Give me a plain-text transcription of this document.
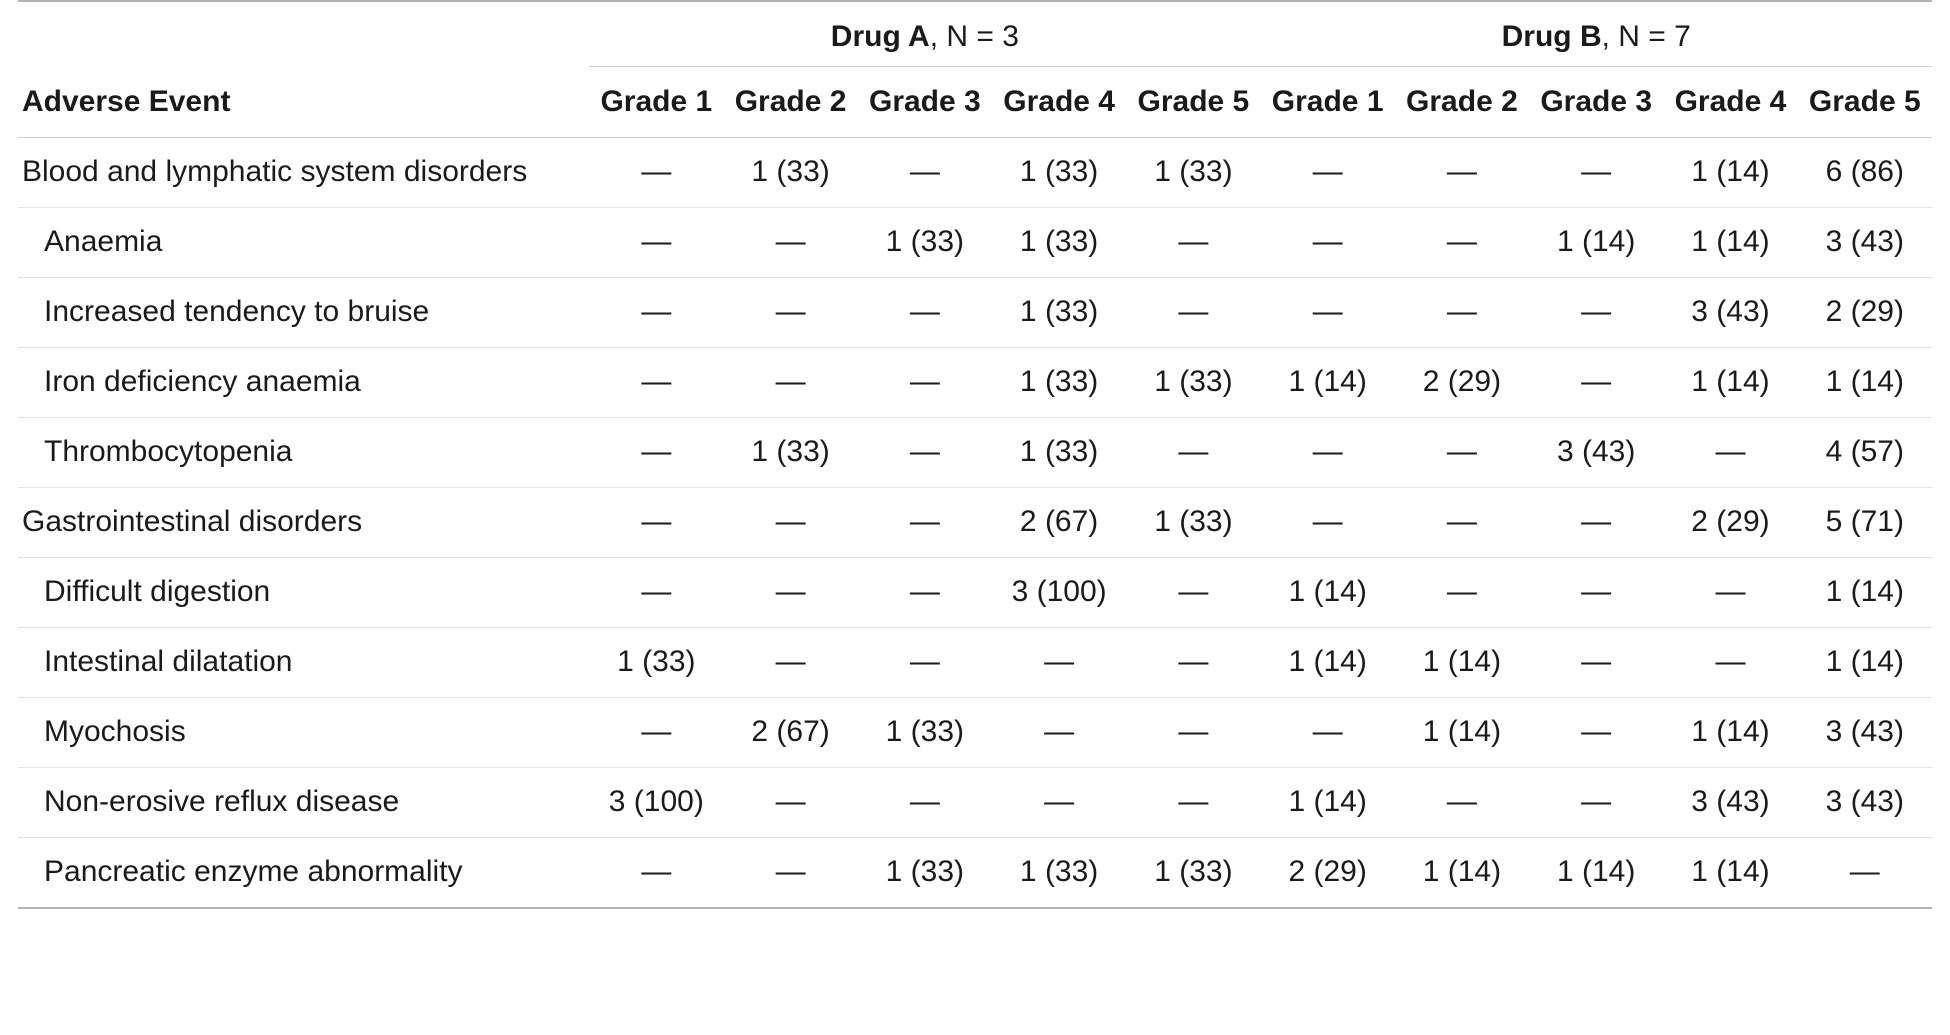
	Drug A, N = 3					Drug B, N = 7				
Adverse Event	Grade 1	Grade 2	Grade 3	Grade 4	Grade 5	Grade 1	Grade 2	Grade 3	Grade 4	Grade 5
Blood and lymphatic system disorders	—	1 (33)	—	1 (33)	1 (33)	—	—	—	1 (14)	6 (86)
Anaemia	—	—	1 (33)	1 (33)	—	—	—	1 (14)	1 (14)	3 (43)
Increased tendency to bruise	—	—	—	1 (33)	—	—	—	—	3 (43)	2 (29)
Iron deficiency anaemia	—	—	—	1 (33)	1 (33)	1 (14)	2 (29)	—	1 (14)	1 (14)
Thrombocytopenia	—	1 (33)	—	1 (33)	—	—	—	3 (43)	—	4 (57)
Gastrointestinal disorders	—	—	—	2 (67)	1 (33)	—	—	—	2 (29)	5 (71)
Difficult digestion	—	—	—	3 (100)	—	1 (14)	—	—	—	1 (14)
Intestinal dilatation	1 (33)	—	—	—	—	1 (14)	1 (14)	—	—	1 (14)
Myochosis	—	2 (67)	1 (33)	—	—	—	1 (14)	—	1 (14)	3 (43)
Non-erosive reflux disease	3 (100)	—	—	—	—	1 (14)	—	—	3 (43)	3 (43)
Pancreatic enzyme abnormality	—	—	1 (33)	1 (33)	1 (33)	2 (29)	1 (14)	1 (14)	1 (14)	—
